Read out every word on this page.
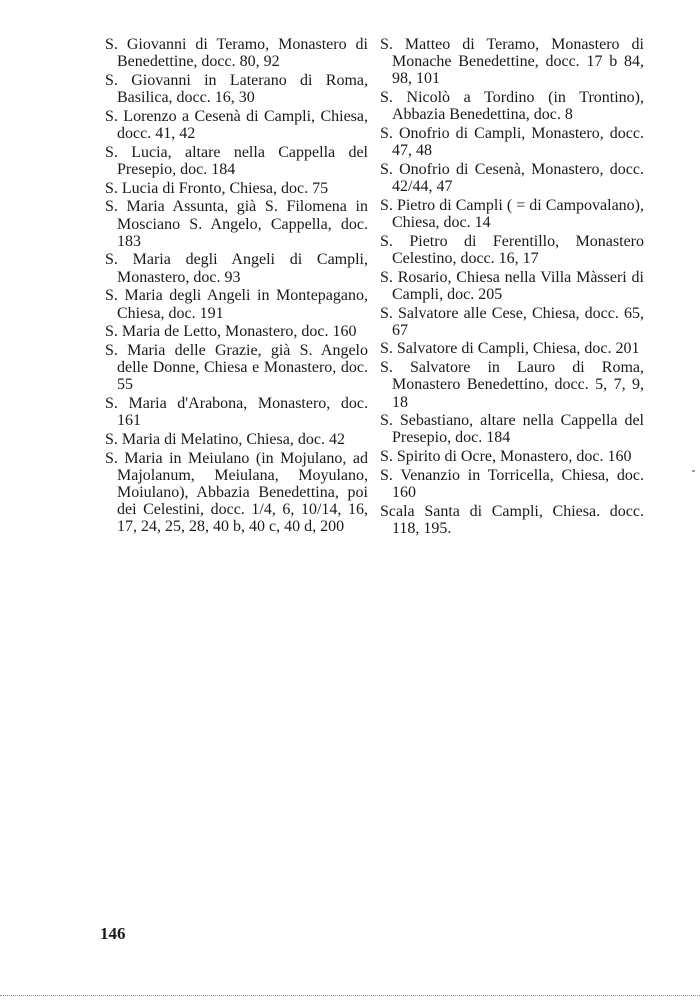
S. Giovanni di Teramo, Monastero di Benedettine, docc. 80, 92

S. Giovanni in Laterano di Roma, Basilica, docc. 16, 30

S. Lorenzo a Cesenà di Campli, Chiesa, docc. 41, 42

S. Lucia, altare nella Cappella del Presepio, doc. 184

S. Lucia di Fronto, Chiesa, doc. 75

S. Maria Assunta, già S. Filomena in Mosciano S. Angelo, Cappella, doc. 183

S. Maria degli Angeli di Campli, Monastero, doc. 93

S. Maria degli Angeli in Montepagano, Chiesa, doc. 191

S. Maria de Letto, Monastero, doc. 160

S. Maria delle Grazie, già S. Angelo delle Donne, Chiesa e Monastero, doc. 55

S. Maria d'Arabona, Monastero, doc. 161

S. Maria di Melatino, Chiesa, doc. 42

S. Maria in Meiulano (in Mojulano, ad Majolanum, Meiulana, Moyulano, Moiulano), Abbazia Benedettina, poi dei Celestini, docc. 1/4, 6, 10/14, 16, 17, 24, 25, 28, 40 b, 40 c, 40 d, 200

S. Matteo di Teramo, Monastero di Monache Benedettine, docc. 17 b 84, 98, 101

S. Nicolò a Tordino (in Trontino), Abbazia Benedettina, doc. 8

S. Onofrio di Campli, Monastero, docc. 47, 48

S. Onofrio di Cesenà, Monastero, docc. 42/44, 47

S. Pietro di Campli ( = di Campovalano), Chiesa, doc. 14

S. Pietro di Ferentillo, Monastero Celestino, docc. 16, 17

S. Rosario, Chiesa nella Villa Màsseri di Campli, doc. 205

S. Salvatore alle Cese, Chiesa, docc. 65, 67

S. Salvatore di Campli, Chiesa, doc. 201

S. Salvatore in Lauro di Roma, Monastero Benedettino, docc. 5, 7, 9, 18

S. Sebastiano, altare nella Cappella del Presepio, doc. 184

S. Spirito di Ocre, Monastero, doc. 160

S. Venanzio in Torricella, Chiesa, doc. 160

Scala Santa di Campli, Chiesa. docc. 118, 195.

146
